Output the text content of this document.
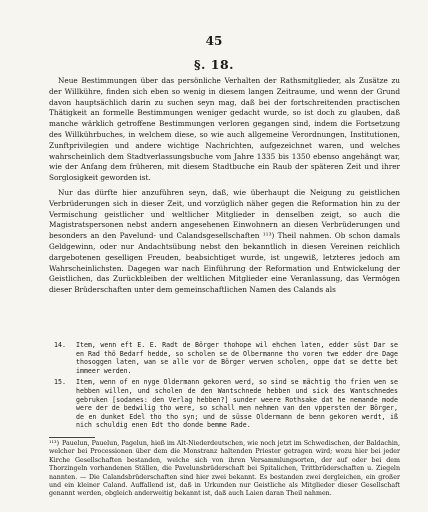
45
§. 18.

Neue Bestimmungen über das persönliche Verhalten der Rathsmitglieder, als Zusätze zu der Willkühre, finden sich eben so wenig in diesem langen Zeitraume, und wenn der Grund davon hauptsächlich darin zu suchen seyn mag, daß bei der fortschreitenden practischen Thätigkeit an formelle Bestimmungen weniger gedacht wurde, so ist doch zu glauben, daß manche wärklich getroffene Bestimmungen verloren gegangen sind, indem die Fortsetzung des Willkührbuches, in welchem diese, so wie auch allgemeine Verordnungen, Institutionen, Zunftprivilegien und andere wichtige Nachrichten, aufgezeichnet waren, und welches wahrscheinlich dem Stadtverlassungsbuche vom Jahre 1335 bis 1350 ebenso angehängt war, wie der Anfang dem früheren, mit diesem Stadtbuche ein Raub der späteren Zeit und ihrer Sorglosigkeit geworden ist.

Nur das dürfte hier anzuführen seyn, daß, wie überhaupt die Neigung zu geistlichen Verbrüderungen sich in dieser Zeit, und vorzüglich näher gegen die Reformation hin zu der Vermischung geistlicher und weltlicher Mitglieder in denselben zeigt, so auch die Magistratspersonen nebst andern angesehenen Einwohnern an diesen Verbrüderungen und besonders an den Pavelund- und Calandsgesellschaften ¹¹³) Theil nahmen. Ob schon damals Geldgewinn, oder nur Andachtsübung nebst den bekanntlich in diesen Vereinen reichlich dargebotenen geselligen Freuden, beabsichtiget wurde, ist ungewiß, letzteres jedoch am Wahrscheinlichsten. Dagegen war nach Einführung der Reformation und Entwickelung der Geistlichen, das Zurückbleiben der weltlichen Mitglieder eine Veranlassung, das Vermögen dieser Brüderschaften unter dem gemeinschaftlichen Namen des Calands als

14.	Item, wenn eft E. E. Radt de Börger thohope wil ehchen laten, edder süst Dar se en Rad thö Bedarf hedde, so scholen se de Olbermanne tho voren twe edder dre Dage thosoggen laten, wan se alle vor de Börger werwen scholen, oppe dat se dette bet immeer werden.
15.	Item, wenn of en nyge Oldermann gekoren werd, so sind se mächtig tho frien wen se hebben willen, und scholen de den Wantschnede hebben und sick des Wantschnedes gebruken [sodanes: den Verlag hebben?] sunder weere Rothsake dat he nemande mode were der de bedwilig tho were, so schall men nehmen van den vppersten der Börger, de en dunket Edel tho tho syn; und de süsse Oldermann de benn gekoren werdt, iß nich schuldig enen Edt tho donde bemme Rade.
¹¹³) Pauelun, Pauelun, Pagelun, hieß im Alt-Niederdeutschen, wie noch jetzt im Schwedischen, der Baldachin, welcher bei Processionen über dem die Monstranz haltenden Priester getragen wird; wozu hier bei jeder Kirche Gesellschaften bestanden, welche sich von ihren Versammlungsorten, der auf oder bei dem Thorzingeln vorhandenen Ställen, die Pavelunsbrüderschaft bei Spitalichen, Trittbrüderschaften u. Ziegeln nannten. — Die Calandsbrüderschaften sind hier zwei bekannt. Es bestanden zwei dergleichen, ein großer und ein kleiner Caland. Auffallend ist, daß in Urkunden nur Geistliche als Mitglieder dieser Gesellschaft genannt werden, obgleich anderweitig bekannt ist, daß auch Laien daran Theil nahmen.
